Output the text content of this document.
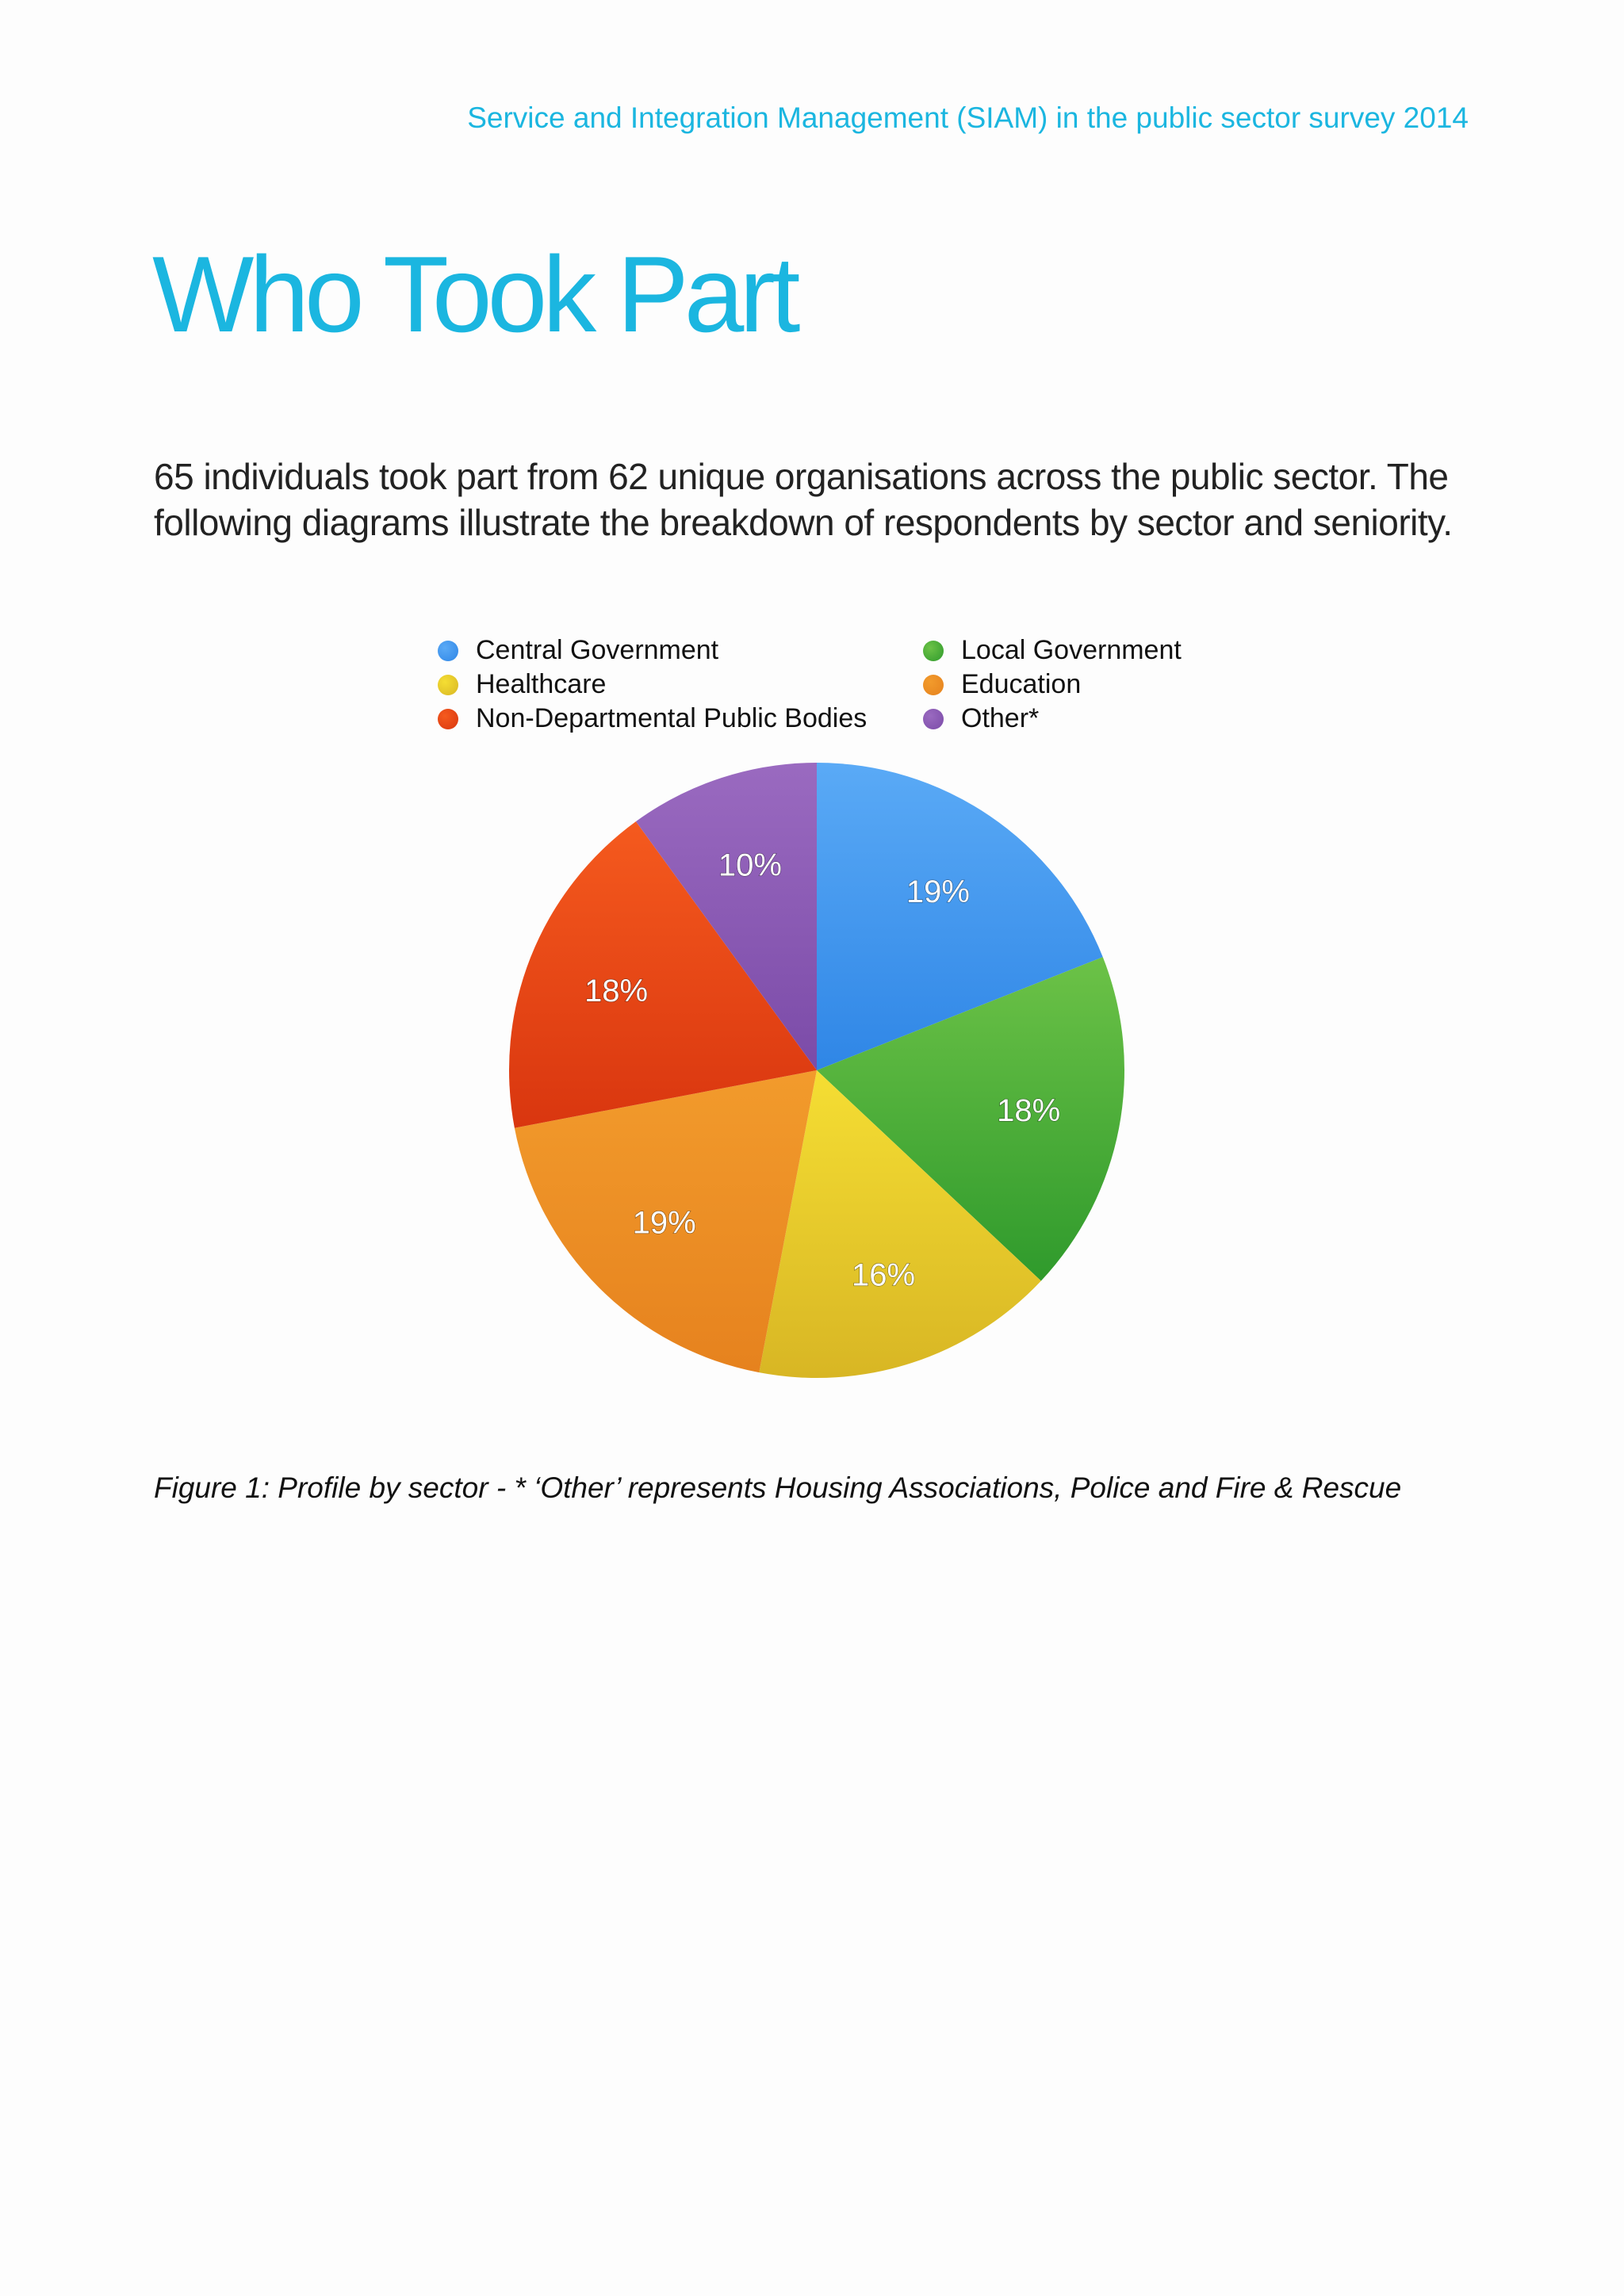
Service and Integration Management (SIAM) in the public sector survey 2014
Who Took Part

65 individuals took part from 62 unique organisations across the public sector. The following diagrams illustrate the breakdown of respondents by sector and seniority.

Central Government	Local Government
Healthcare	Education
Non-Departmental Public Bodies	Other*
19%
18%
16%
19%
18%
10%

Figure 1: Profile by sector - * ‘Other’ represents Housing Associations, Police and Fire & Rescue
